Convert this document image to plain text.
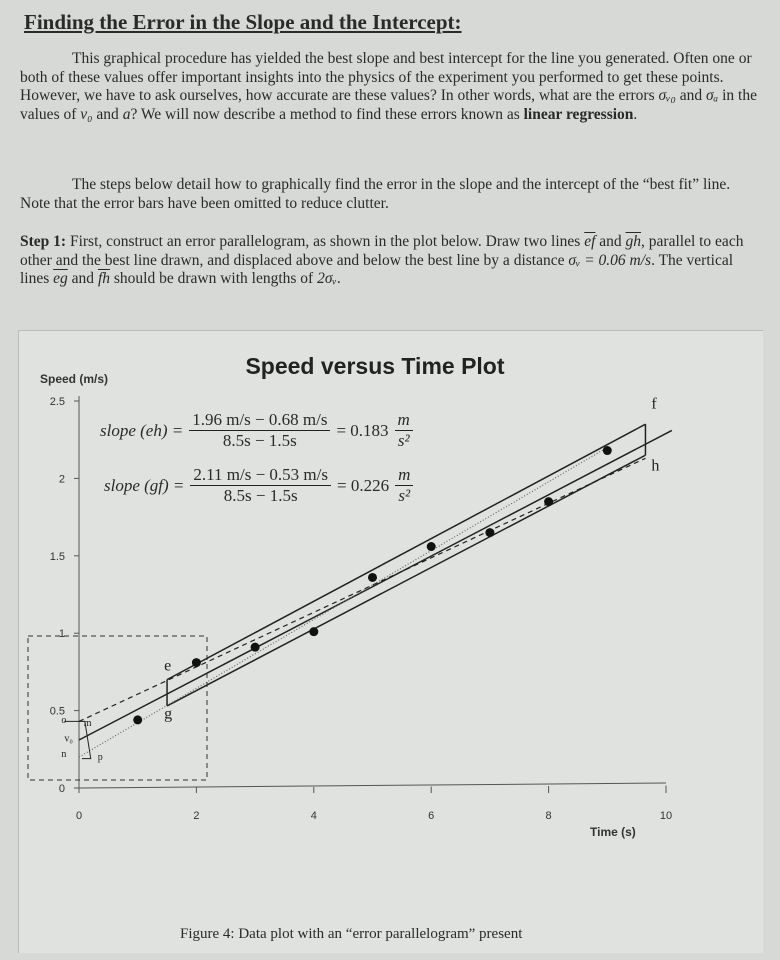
Finding the Error in the Slope and the Intercept:

This graphical procedure has yielded the best slope and best intercept for the line you generated. Often one or both of these values offer important insights into the physics of the experiment you performed to get these points. However, we have to ask ourselves, how accurate are these values? In other words, what are the errors σᵥ₀ and σₐ in the values of v₀ and a? We will now describe a method to find these errors known as linear regression.

The steps below detail how to graphically find the error in the slope and the intercept of the “best fit” line. Note that the error bars have been omitted to reduce clutter.

Step 1: First, construct an error parallelogram, as shown in the plot below. Draw two lines $\overline{ef}$ and $\overline{gh}$, parallel to each other and the best line drawn, and displaced above and below the best line by a distance σᵥ = 0.06 m/s. The vertical lines $\overline{eg}$ and $\overline{fh}$ should be drawn with lengths of 2σᵥ.

Speed versus Time Plot
Speed (m/s)
Time (s)
0
0.5
1
1.5
2
2.5
0	2	4	6	8	10
e
g
f
h
o m
v₀
n	p
slope $(eh) = \frac{1.96 m/s - 0.68 m/s}{8.5s - 1.5s} = 0.183 \frac{m}{\text{s²}}$
slope $(gf) = \frac{2.11 m/s - 0.53 m/s}{8.5s - 1.5s} = 0.226 \frac{m}{\text{s²}}$
Figure 4: Data plot with an “error parallelogram” present
